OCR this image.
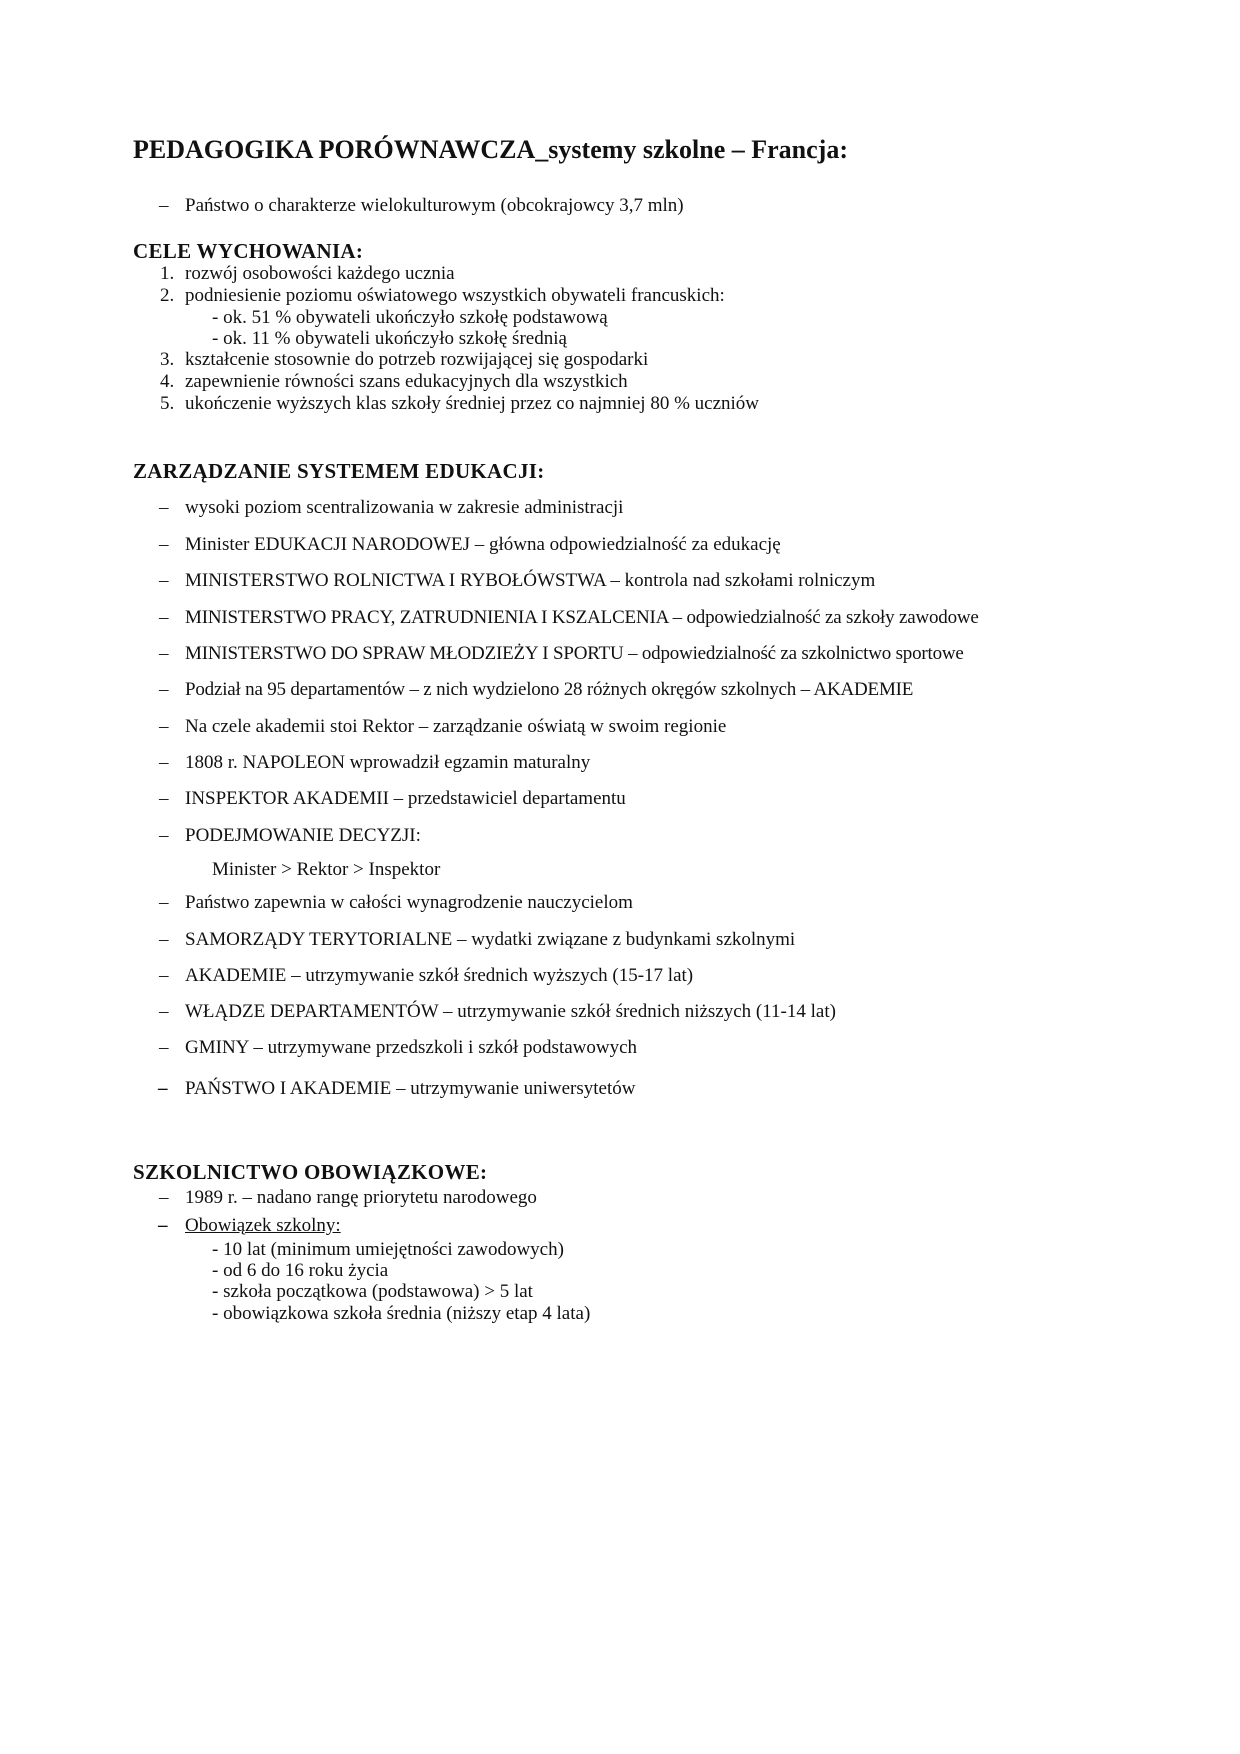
PEDAGOGIKA PORÓWNAWCZA_systemy szkolne – Francja:
– Państwo o charakterze wielokulturowym (obcokrajowcy 3,7 mln)
CELE WYCHOWANIA:
1. rozwój osobowości każdego ucznia
2. podniesienie poziomu oświatowego wszystkich obywateli francuskich:
- ok. 51 % obywateli ukończyło szkołę podstawową
- ok. 11 % obywateli ukończyło szkołę średnią
3. kształcenie stosownie do potrzeb rozwijającej się gospodarki
4. zapewnienie równości szans edukacyjnych dla wszystkich
5. ukończenie wyższych klas szkoły średniej przez co najmniej 80 % uczniów
ZARZĄDZANIE SYSTEMEM EDUKACJI:
– wysoki poziom scentralizowania w zakresie administracji
– Minister EDUKACJI NARODOWEJ – główna odpowiedzialność za edukację
– MINISTERSTWO ROLNICTWA I RYBOŁÓWSTWA – kontrola nad szkołami rolniczym
– MINISTERSTWO PRACY, ZATRUDNIENIA I KSZALCENIA – odpowiedzialność za szkoły zawodowe
– MINISTERSTWO DO SPRAW MŁODZIEŻY I SPORTU – odpowiedzialność za szkolnictwo sportowe
– Podział na 95 departamentów – z nich wydzielono 28 różnych okręgów szkolnych – AKADEMIE
– Na czele akademii stoi Rektor – zarządzanie oświatą w swoim regionie
– 1808 r. NAPOLEON wprowadził egzamin maturalny
– INSPEKTOR AKADEMII – przedstawiciel departamentu
– PODEJMOWANIE DECYZJI:
Minister > Rektor > Inspektor
– Państwo zapewnia w całości wynagrodzenie nauczycielom
– SAMORZĄDY TERYTORIALNE – wydatki związane z budynkami szkolnymi
– AKADEMIE – utrzymywanie szkół średnich wyższych (15-17 lat)
– WŁĄDZE DEPARTAMENTÓW – utrzymywanie szkół średnich niższych (11-14 lat)
– GMINY – utrzymywane przedszkoli i szkół podstawowych
– PAŃSTWO I AKADEMIE – utrzymywanie uniwersytetów
SZKOLNICTWO OBOWIĄZKOWE:
– 1989 r. – nadano rangę priorytetu narodowego
– Obowiązek szkolny:
- 10 lat (minimum umiejętności zawodowych)
- od 6 do 16 roku życia
- szkoła początkowa (podstawowa) > 5 lat
- obowiązkowa szkoła średnia (niższy etap 4 lata)
